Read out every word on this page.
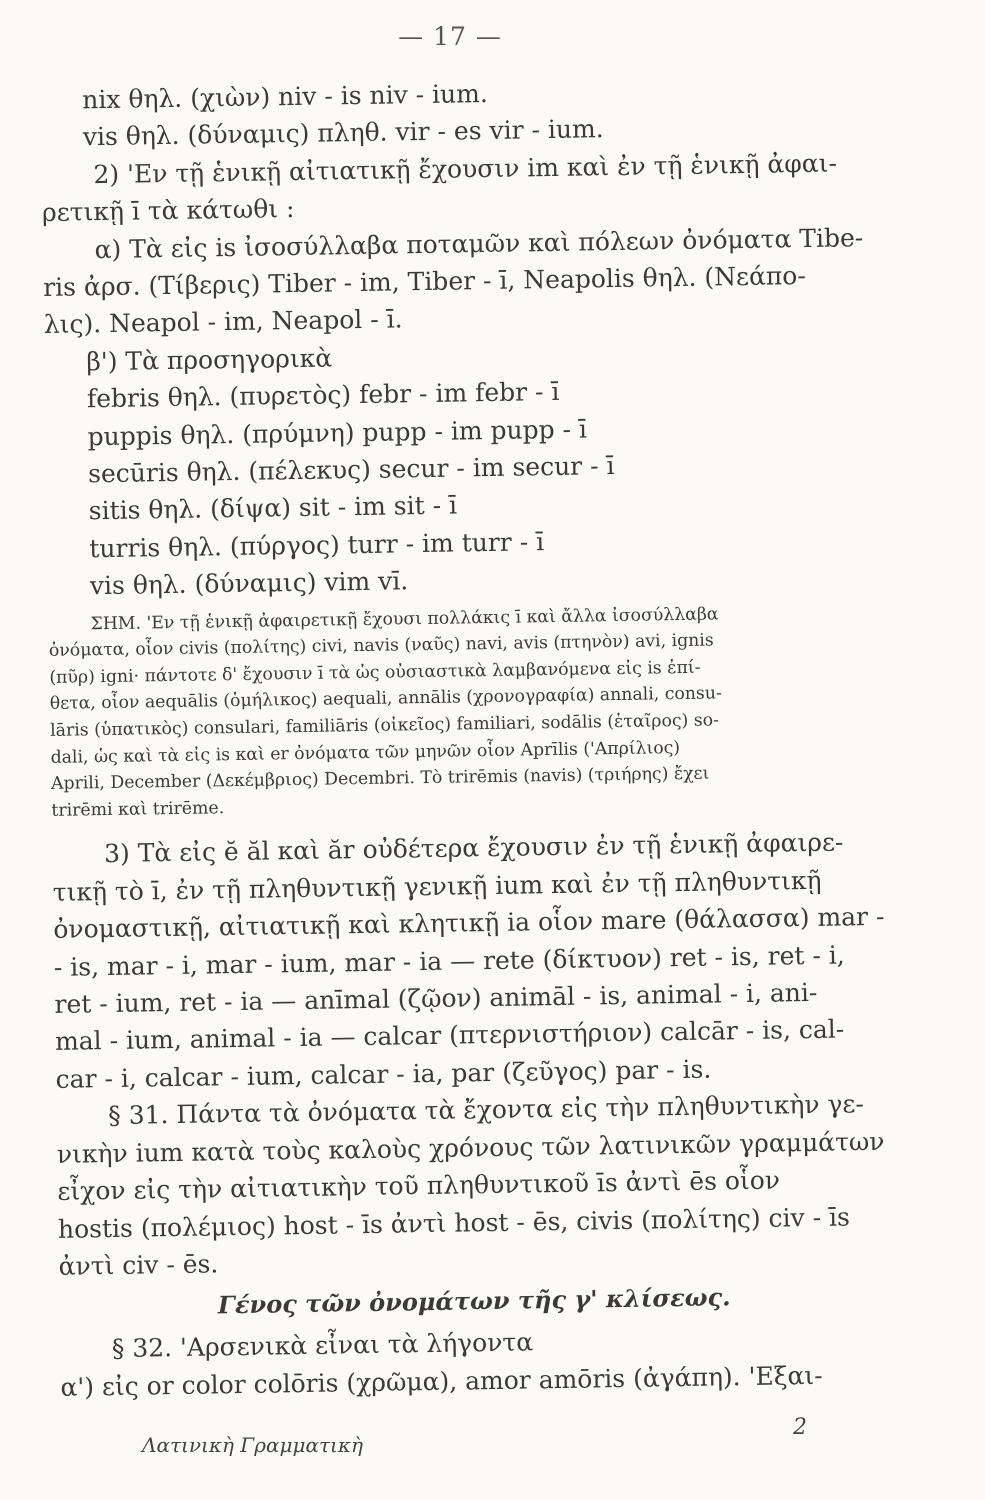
— 17 —
nix θηλ. (χιὼν) niv - is niv - ium.
vis θηλ. (δύναμις) πληθ. vir - es vir - ium.
2) 'Εν τῇ ἑνικῇ αἰτιατικῇ ἔχουσιν im καὶ ἐν τῇ ἑνικῇ ἀφαι-
ρετικῇ ī τὰ κάτωθι :
α) Τὰ εἰς is ἰσοσύλλαβα ποταμῶν καὶ πόλεων ὀνόματα Tibe-
ris ἀρσ. (Τίβερις) Tiber - im, Tiber - ī, Neapolis θηλ. (Νεάπο-
λις). Neapol - im, Neapol - ī.
β') Τὰ προσηγορικὰ
febris θηλ. (πυρετὸς) febr - im febr - ī
puppis θηλ. (πρύμνη) pupp - im pupp - ī
secūris θηλ. (πέλεκυς) secur - im secur - ī
sitis θηλ. (δίψα) sit - im sit - ī
turris θηλ. (πύργος) turr - im turr - ī
vis θηλ. (δύναμις) vim vī.
ΣΗΜ. 'Εν τῇ ἑνικῇ ἀφαιρετικῇ ἔχουσι πολλάκις ī καὶ ἄλλα ἰσοσύλλαβα
ὀνόματα, οἷον civis (πολίτης) civi, navis (ναῦς) navi, avis (πτηνὸν) avi, ignis
(πῦρ) igni· πάντοτε δ' ἔχουσιν ī τὰ ὡς οὐσιαστικὰ λαμβανόμενα εἰς is ἐπί-
θετα, οἷον aequālis (ὁμήλικος) aequali, annālis (χρονογραφία) annali, consu-
lāris (ὑπατικὸς) consulari, familiāris (οἰκεῖος) familiari, sodālis (ἑταῖρος) so-
dali, ὡς καὶ τὰ εἰς is καὶ er ὀνόματα τῶν μηνῶν οἷον Aprīlis ('Απρίλιος)
Aprili, December (Δεκέμβριος) Decembri. Τὸ trirēmis (navis) (τριήρης) ἔχει
trirēmi καὶ trirēme.
3) Τὰ εἰς ĕ ăl καὶ ăr οὐδέτερα ἔχουσιν ἐν τῇ ἑνικῇ ἀφαιρε-
τικῇ τὸ ī, ἐν τῇ πληθυντικῇ γενικῇ ium καὶ ἐν τῇ πληθυντικῇ
ὀνομαστικῇ, αἰτιατικῇ καὶ κλητικῇ ia οἷον mare (θάλασσα) mar -
- is, mar - i, mar - ium, mar - ia — rete (δίκτυον) ret - is, ret - i,
ret - ium, ret - ia — anīmal (ζῷον) animāl - is, animal - i, ani-
mal - ium, animal - ia — calcar (πτερνιστήριον) calcār - is, cal-
car - i, calcar - ium, calcar - ia, par (ζεῦγος) par - is.
§ 31. Πάντα τὰ ὀνόματα τὰ ἔχοντα εἰς τὴν πληθυντικὴν γε-
νικὴν ium κατὰ τοὺς καλοὺς χρόνους τῶν λατινικῶν γραμμάτων
εἶχον εἰς τὴν αἰτιατικὴν τοῦ πληθυντικοῦ īs ἀντὶ ēs οἷον
hostis (πολέμιος) host - īs ἀντὶ host - ēs, civis (πολίτης) civ - īs
ἀντὶ civ - ēs.
Γένος τῶν ὀνομάτων τῆς γ' κλίσεως.
§ 32. 'Αρσενικὰ εἶναι τὰ λήγοντα
α') εἰς or color colōris (χρῶμα), amor amōris (ἀγάπη). 'Εξαι-
Λατινικὴ Γραμματικὴ
2
